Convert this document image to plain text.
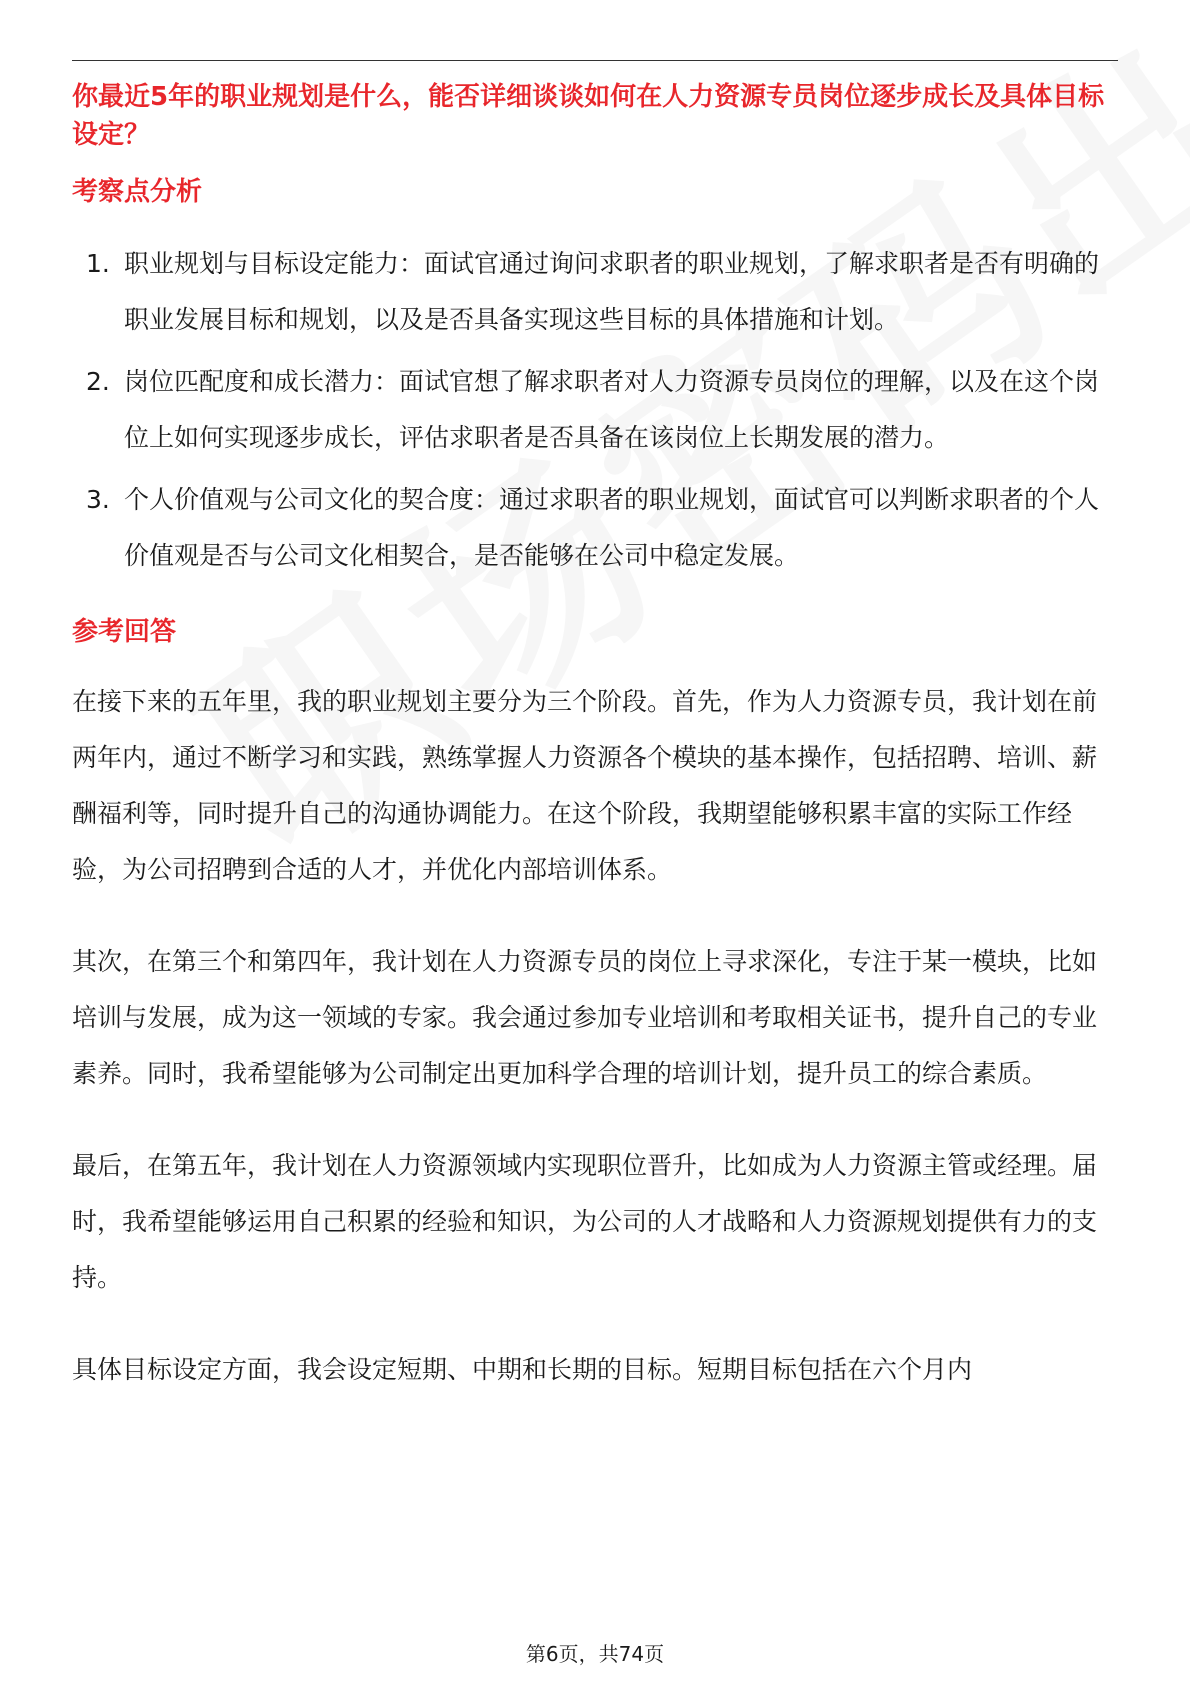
你最近5年的职业规划是什么，能否详细谈谈如何在人力资源专员岗位逐步成长及具体目标设定？
考察点分析
1. 职业规划与目标设定能力：面试官通过询问求职者的职业规划，了解求职者是否有明确的职业发展目标和规划，以及是否具备实现这些目标的具体措施和计划。
2. 岗位匹配度和成长潜力：面试官想了解求职者对人力资源专员岗位的理解，以及在这个岗位上如何实现逐步成长，评估求职者是否具备在该岗位上长期发展的潜力。
3. 个人价值观与公司文化的契合度：通过求职者的职业规划，面试官可以判断求职者的个人价值观是否与公司文化相契合，是否能够在公司中稳定发展。
参考回答

在接下来的五年里，我的职业规划主要分为三个阶段。首先，作为人力资源专员，我计划在前两年内，通过不断学习和实践，熟练掌握人力资源各个模块的基本操作，包括招聘、培训、薪酬福利等，同时提升自己的沟通协调能力。在这个阶段，我期望能够积累丰富的实际工作经验，为公司招聘到合适的人才，并优化内部培训体系。

其次，在第三个和第四年，我计划在人力资源专员的岗位上寻求深化，专注于某一模块，比如培训与发展，成为这一领域的专家。我会通过参加专业培训和考取相关证书，提升自己的专业素养。同时，我希望能够为公司制定出更加科学合理的培训计划，提升员工的综合素质。

最后，在第五年，我计划在人力资源领域内实现职位晋升，比如成为人力资源主管或经理。届时，我希望能够运用自己积累的经验和知识，为公司的人才战略和人力资源规划提供有力的支持。

具体目标设定方面，我会设定短期、中期和长期的目标。短期目标包括在六个月内

第6页，共74页
